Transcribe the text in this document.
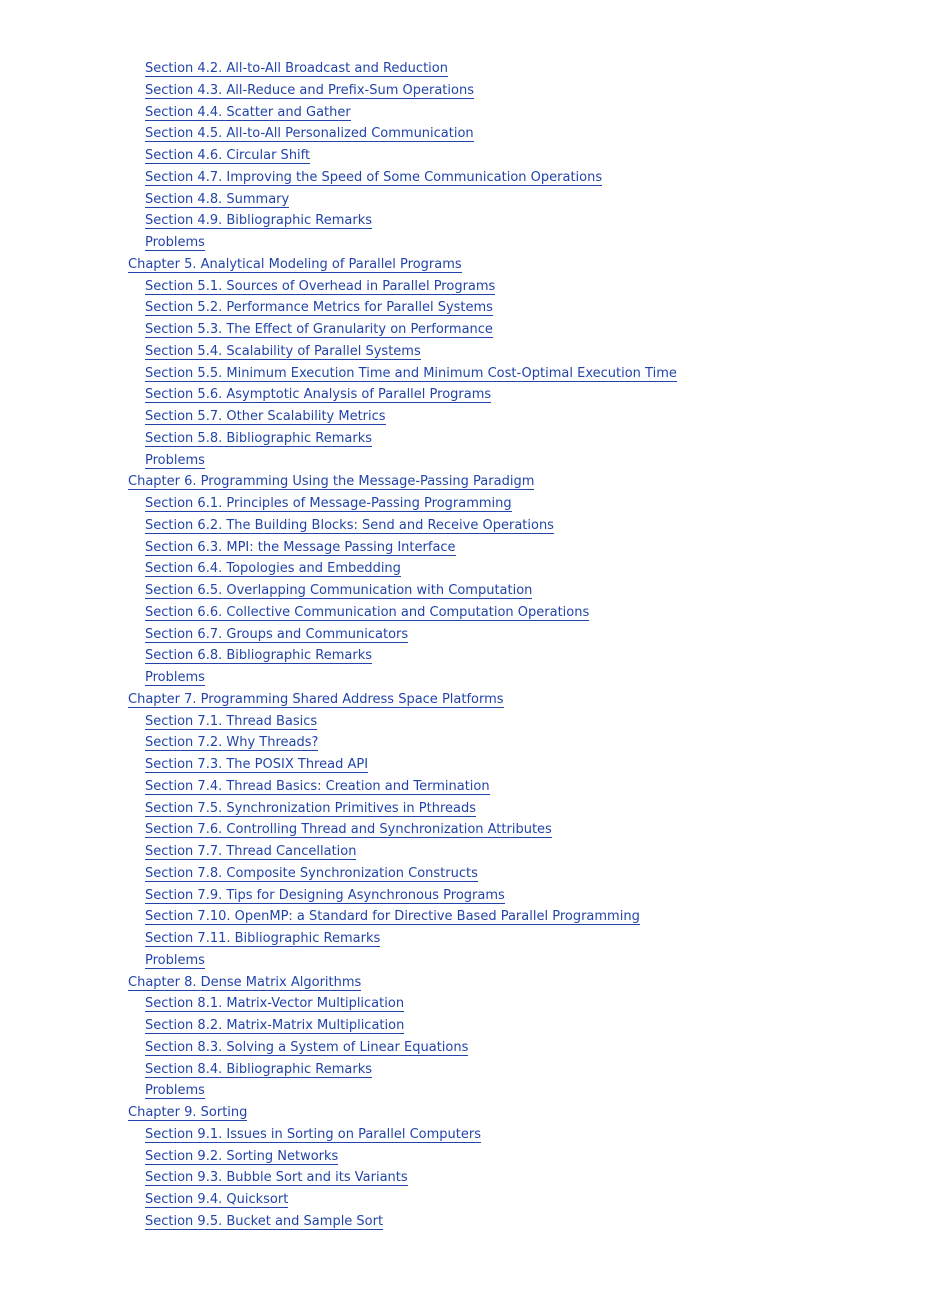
Section 4.2. All-to-All Broadcast and Reduction
Section 4.3. All-Reduce and Prefix-Sum Operations
Section 4.4. Scatter and Gather
Section 4.5. All-to-All Personalized Communication
Section 4.6. Circular Shift
Section 4.7. Improving the Speed of Some Communication Operations
Section 4.8. Summary
Section 4.9. Bibliographic Remarks
Problems
Chapter 5. Analytical Modeling of Parallel Programs
Section 5.1. Sources of Overhead in Parallel Programs
Section 5.2. Performance Metrics for Parallel Systems
Section 5.3. The Effect of Granularity on Performance
Section 5.4. Scalability of Parallel Systems
Section 5.5. Minimum Execution Time and Minimum Cost-Optimal Execution Time
Section 5.6. Asymptotic Analysis of Parallel Programs
Section 5.7. Other Scalability Metrics
Section 5.8. Bibliographic Remarks
Problems
Chapter 6. Programming Using the Message-Passing Paradigm
Section 6.1. Principles of Message-Passing Programming
Section 6.2. The Building Blocks: Send and Receive Operations
Section 6.3. MPI: the Message Passing Interface
Section 6.4. Topologies and Embedding
Section 6.5. Overlapping Communication with Computation
Section 6.6. Collective Communication and Computation Operations
Section 6.7. Groups and Communicators
Section 6.8. Bibliographic Remarks
Problems
Chapter 7. Programming Shared Address Space Platforms
Section 7.1. Thread Basics
Section 7.2. Why Threads?
Section 7.3. The POSIX Thread API
Section 7.4. Thread Basics: Creation and Termination
Section 7.5. Synchronization Primitives in Pthreads
Section 7.6. Controlling Thread and Synchronization Attributes
Section 7.7. Thread Cancellation
Section 7.8. Composite Synchronization Constructs
Section 7.9. Tips for Designing Asynchronous Programs
Section 7.10. OpenMP: a Standard for Directive Based Parallel Programming
Section 7.11. Bibliographic Remarks
Problems
Chapter 8. Dense Matrix Algorithms
Section 8.1. Matrix-Vector Multiplication
Section 8.2. Matrix-Matrix Multiplication
Section 8.3. Solving a System of Linear Equations
Section 8.4. Bibliographic Remarks
Problems
Chapter 9. Sorting
Section 9.1. Issues in Sorting on Parallel Computers
Section 9.2. Sorting Networks
Section 9.3. Bubble Sort and its Variants
Section 9.4. Quicksort
Section 9.5. Bucket and Sample Sort
